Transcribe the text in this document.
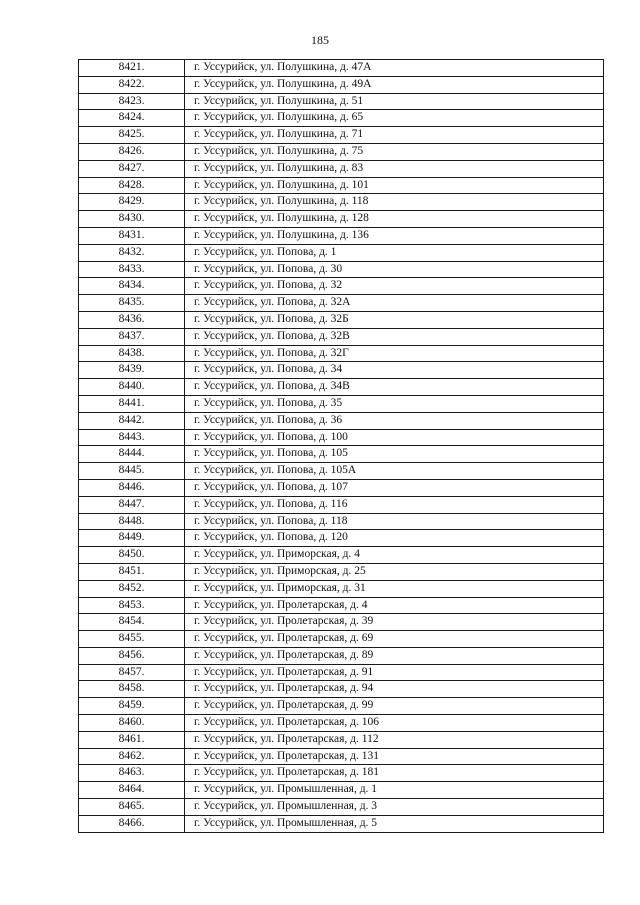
185
8421.	г. Уссурийск, ул. Полушкина, д. 47А
8422.	г. Уссурийск, ул. Полушкина, д. 49А
8423.	г. Уссурийск, ул. Полушкина, д. 51
8424.	г. Уссурийск, ул. Полушкина, д. 65
8425.	г. Уссурийск, ул. Полушкина, д. 71
8426.	г. Уссурийск, ул. Полушкина, д. 75
8427.	г. Уссурийск, ул. Полушкина, д. 83
8428.	г. Уссурийск, ул. Полушкина, д. 101
8429.	г. Уссурийск, ул. Полушкина, д. 118
8430.	г. Уссурийск, ул. Полушкина, д. 128
8431.	г. Уссурийск, ул. Полушкина, д. 136
8432.	г. Уссурийск, ул. Попова, д. 1
8433.	г. Уссурийск, ул. Попова, д. 30
8434.	г. Уссурийск, ул. Попова, д. 32
8435.	г. Уссурийск, ул. Попова, д. 32А
8436.	г. Уссурийск, ул. Попова, д. 32Б
8437.	г. Уссурийск, ул. Попова, д. 32В
8438.	г. Уссурийск, ул. Попова, д. 32Г
8439.	г. Уссурийск, ул. Попова, д. 34
8440.	г. Уссурийск, ул. Попова, д. 34В
8441.	г. Уссурийск, ул. Попова, д. 35
8442.	г. Уссурийск, ул. Попова, д. 36
8443.	г. Уссурийск, ул. Попова, д. 100
8444.	г. Уссурийск, ул. Попова, д. 105
8445.	г. Уссурийск, ул. Попова, д. 105А
8446.	г. Уссурийск, ул. Попова, д. 107
8447.	г. Уссурийск, ул. Попова, д. 116
8448.	г. Уссурийск, ул. Попова, д. 118
8449.	г. Уссурийск, ул. Попова, д. 120
8450.	г. Уссурийск, ул. Приморская, д. 4
8451.	г. Уссурийск, ул. Приморская, д. 25
8452.	г. Уссурийск, ул. Приморская, д. 31
8453.	г. Уссурийск, ул. Пролетарская, д. 4
8454.	г. Уссурийск, ул. Пролетарская, д. 39
8455.	г. Уссурийск, ул. Пролетарская, д. 69
8456.	г. Уссурийск, ул. Пролетарская, д. 89
8457.	г. Уссурийск, ул. Пролетарская, д. 91
8458.	г. Уссурийск, ул. Пролетарская, д. 94
8459.	г. Уссурийск, ул. Пролетарская, д. 99
8460.	г. Уссурийск, ул. Пролетарская, д. 106
8461.	г. Уссурийск, ул. Пролетарская, д. 112
8462.	г. Уссурийск, ул. Пролетарская, д. 131
8463.	г. Уссурийск, ул. Пролетарская, д. 181
8464.	г. Уссурийск, ул. Промышленная, д. 1
8465.	г. Уссурийск, ул. Промышленная, д. 3
8466.	г. Уссурийск, ул. Промышленная, д. 5
